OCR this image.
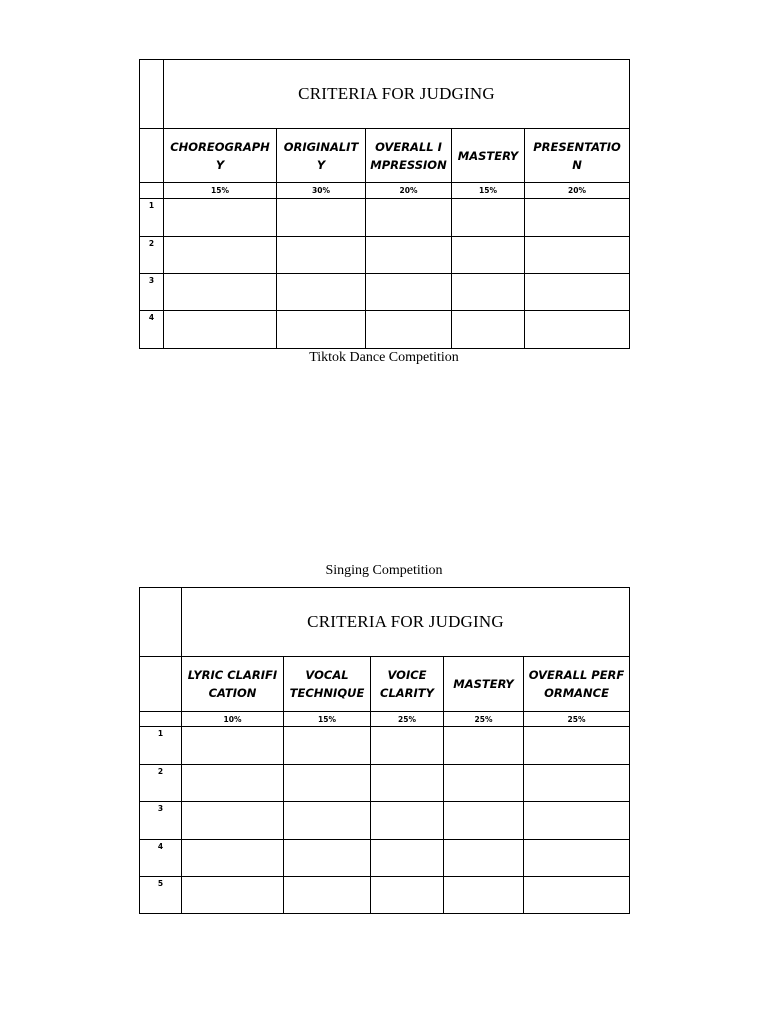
	CRITERIA FOR JUDGING				
	CHOREOGRAPHY	ORIGINALITY	OVERALL IMPRESSION	MASTERY	PRESENTATION
	15%	30%	20%	15%	20%
1					
2					
3					
4					
Tiktok Dance Competition
Singing Competition
	CRITERIA FOR JUDGING				
	LYRIC CLARIFICATION	VOCAL TECHNIQUE	VOICE CLARITY	MASTERY	OVERALL PERFORMANCE
	10%	15%	25%	25%	25%
1					
2					
3					
4					
5					
